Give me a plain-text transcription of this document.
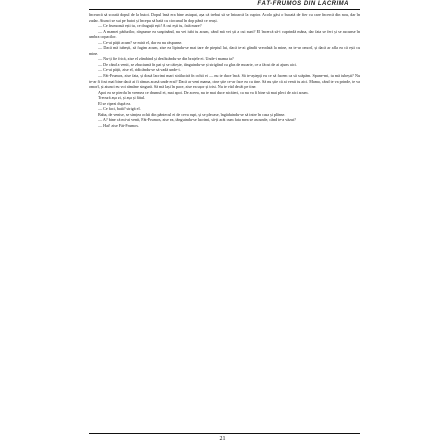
FĂT-FRUMOS DIN LACRIMĂ

încearcă să scoată dopul de la butoi. Dopul însă era bine astupat, așa că trebui să se întoarcă la cuptor. Acolo găsi o bucată de fier cu care încercă din nou, dar în zadar. Atunci se sui pe butoi și începu să bată cu ciocanul în dop până ce reuși.

— Ce frumoasă ești tu, ce draguță ești! A cui ești tu, fată mare?

— A mamei pădurilor, răspunse ea suspinând, nu vei iubi tu acum, când mă vei ști a cui sunt? El încercă să-i cuprindă mâna, dar fata se feri și se ascunse în umbra copacilor.

— Ce-ai pățit acum? se miră el, dar ea nu răspunse.

— Dacă mă iubești, să fugim acum, zise ea lipindu-se mai tare de pieptul lui, dacă te-ai gândit vreodată la mine, ea te-ar omorî, și dacă ar afla ea că ești cu mine.

— Nu-ți fie frică, zise el zâmbind și desfăcându-se din brațele ei. Unde-i mama ta?

— De când a venit, se zbuciumă în pat și se căiește, tânguindu-se și strigând cu glas de moarte, ce a făcut de ai ajuns aici.

— Ce-ai pățit, zise el, ridicându-se să vadă unde-i.

— Făt-Frumos, zise fata, și două lacrimi mari străluciră în ochii ei — nu te duce încă. Să te-aștepți eu ce să facem ca să scăpăm. Spune-mi, tu mă iubești? Nu te-ar fi fost mai bine dacă ai fi rămas acasă unde erai? Dacă ar veni mama, cine știe ce-ar face ea cu tine. Să nu știe că ai venit tu aici. Mama, când te va prinde, te va omorî, și atunci eu voi rămâne singură. Să mă lași în pace, zise ea ușor și trist. Nu te văd decât pe tine.

Apoi ea se pierdu în vremea ce drumul ei, mai apoi. De aceea, nu te mai duce nicăieri, ca nu va fi bine să mai pleci de aici acum.

Trecură așa zi, și așa și fătul.

El se ripezi după ea.

— Ce faci, bată? strigă el.

Baba, de venise, se simțea ochii din pântecul ei de ceva rupt, și se plecase, îngăduindu-se să intre în casa și plânse.

— A? bine că mi-ai venit, Făt-Frumos, zise ea, tânguindu-se lacrimi, să-ți arăt cum fata mea se ascunde, când te-a văzut?

— Hai! zise Făt-Frumos.

21
